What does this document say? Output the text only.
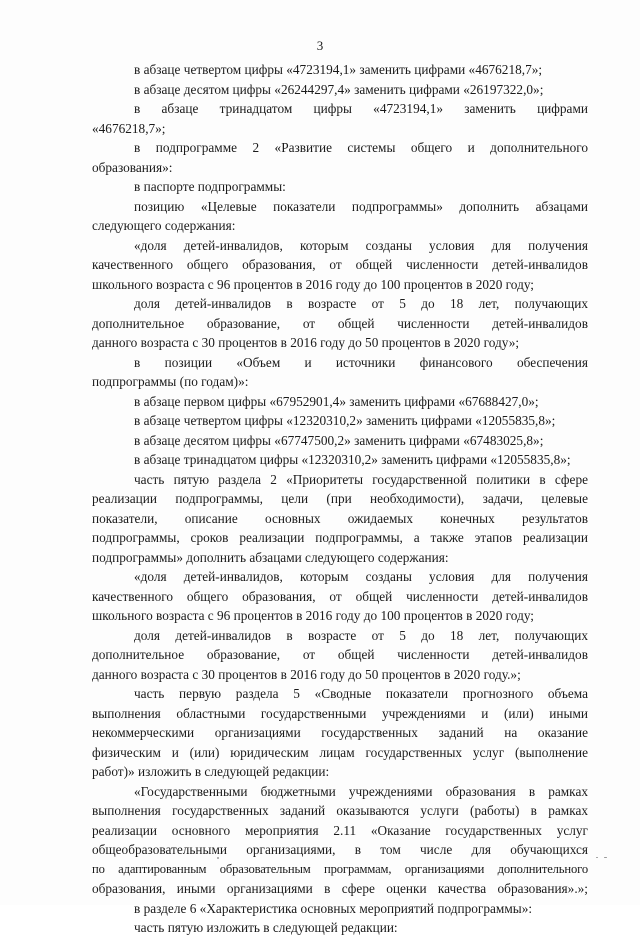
3
в абзаце четвертом цифры «4723194,1» заменить цифрами «4676218,7»;
в абзаце десятом цифры «26244297,4» заменить цифрами «26197322,0»;
в абзаце тринадцатом цифры «4723194,1» заменить цифрами
«4676218,7»;
в подпрограмме 2 «Развитие системы общего и дополнительного
образования»:
в паспорте подпрограммы:
позицию «Целевые показатели подпрограммы» дополнить абзацами
следующего содержания:
«доля детей-инвалидов, которым созданы условия для получения
качественного общего образования, от общей численности детей-инвалидов
школьного возраста с 96 процентов в 2016 году до 100 процентов в 2020 году;
доля детей-инвалидов в возрасте от 5 до 18 лет, получающих
дополнительное образование, от общей численности детей-инвалидов
данного возраста с 30 процентов в 2016 году до 50 процентов в 2020 году»;
в позиции «Объем и источники финансового обеспечения
подпрограммы (по годам)»:
в абзаце первом цифры «67952901,4» заменить цифрами «67688427,0»;
в абзаце четвертом цифры «12320310,2» заменить цифрами «12055835,8»;
в абзаце десятом цифры «67747500,2» заменить цифрами «67483025,8»;
в абзаце тринадцатом цифры «12320310,2» заменить цифрами «12055835,8»;
часть пятую раздела 2 «Приоритеты государственной политики в сфере
реализации подпрограммы, цели (при необходимости), задачи, целевые
показатели, описание основных ожидаемых конечных результатов
подпрограммы, сроков реализации подпрограммы, а также этапов реализации
подпрограммы» дополнить абзацами следующего содержания:
«доля детей-инвалидов, которым созданы условия для получения
качественного общего образования, от общей численности детей-инвалидов
школьного возраста с 96 процентов в 2016 году до 100 процентов в 2020 году;
доля детей-инвалидов в возрасте от 5 до 18 лет, получающих
дополнительное образование, от общей численности детей-инвалидов
данного возраста с 30 процентов в 2016 году до 50 процентов в 2020 году.»;
часть первую раздела 5 «Сводные показатели прогнозного объема
выполнения областными государственными учреждениями и (или) иными
некоммерческими организациями государственных заданий на оказание
физическим и (или) юридическим лицам государственных услуг (выполнение
работ)» изложить в следующей редакции:
«Государственными бюджетными учреждениями образования в рамках
выполнения государственных заданий оказываются услуги (работы) в рамках
реализации основного мероприятия 2.11 «Оказание государственных услуг
общеобразовательными организациями, в том числе для обучающихся
по адаптированным образовательным программам, организациями дополнительного
образования, иными организациями в сфере оценки качества образования».»;
в разделе 6 «Характеристика основных мероприятий подпрограммы»:
часть пятую изложить в следующей редакции:
